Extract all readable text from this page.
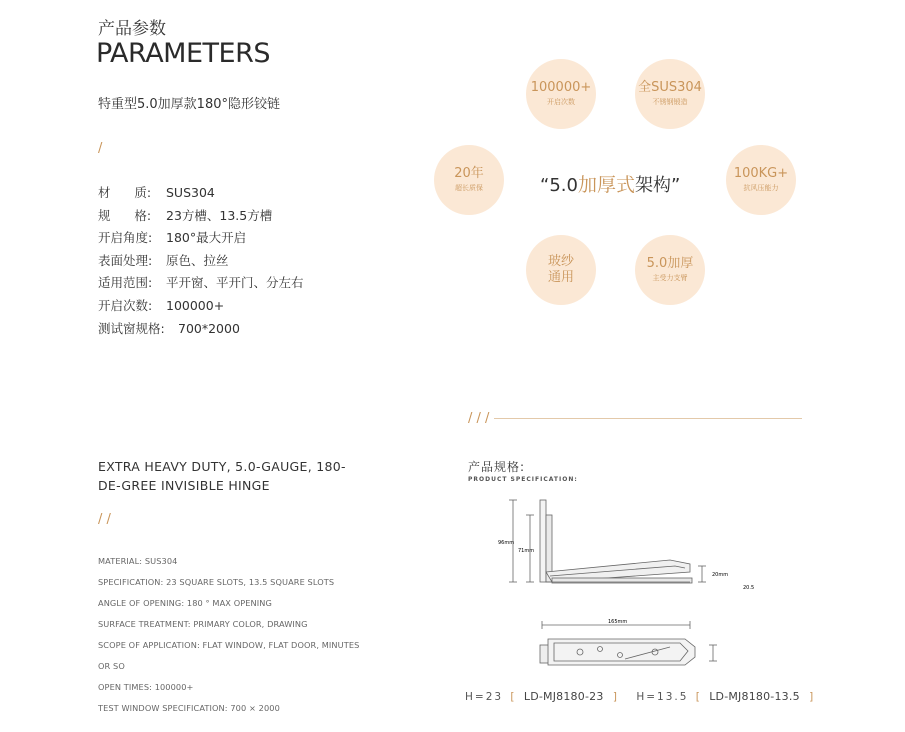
产品参数
PARAMETERS
特重型5.0加厚款180°隐形铰链
/
材      质: SUS304
规      格: 23方槽、13.5方槽
开启角度: 180°最大开启
表面处理: 原色、拉丝
适用范围: 平开窗、平开门、分左右
开启次数: 100000+
测试窗规格: 700*2000
EXTRA HEAVY DUTY, 5.0-GAUGE, 180-DE-GREE INVISIBLE HINGE
/ /
MATERIAL: SUS304
SPECIFICATION: 23 SQUARE SLOTS, 13.5 SQUARE SLOTS
ANGLE OF OPENING: 180 ° MAX OPENING
SURFACE TREATMENT: PRIMARY COLOR, DRAWING
SCOPE OF APPLICATION: FLAT WINDOW, FLAT DOOR, MINUTES
OR SO
OPEN TIMES: 100000+
TEST WINDOW SPECIFICATION: 700 × 2000
100000+
开启次数
全SUS304
不锈钢锻造
20年
超长质保
100KG+
抗风压能力
玻纱
通用
5.0加厚
主受力支臂
“5.0加厚式架构”
/ / /
产品规格:
PRODUCT SPECIFICATION:
96mm
71mm
20mm
20.5
165mm
H=23 [ LD-MJ8180-23 ] H=13.5 [ LD-MJ8180-13.5 ]
